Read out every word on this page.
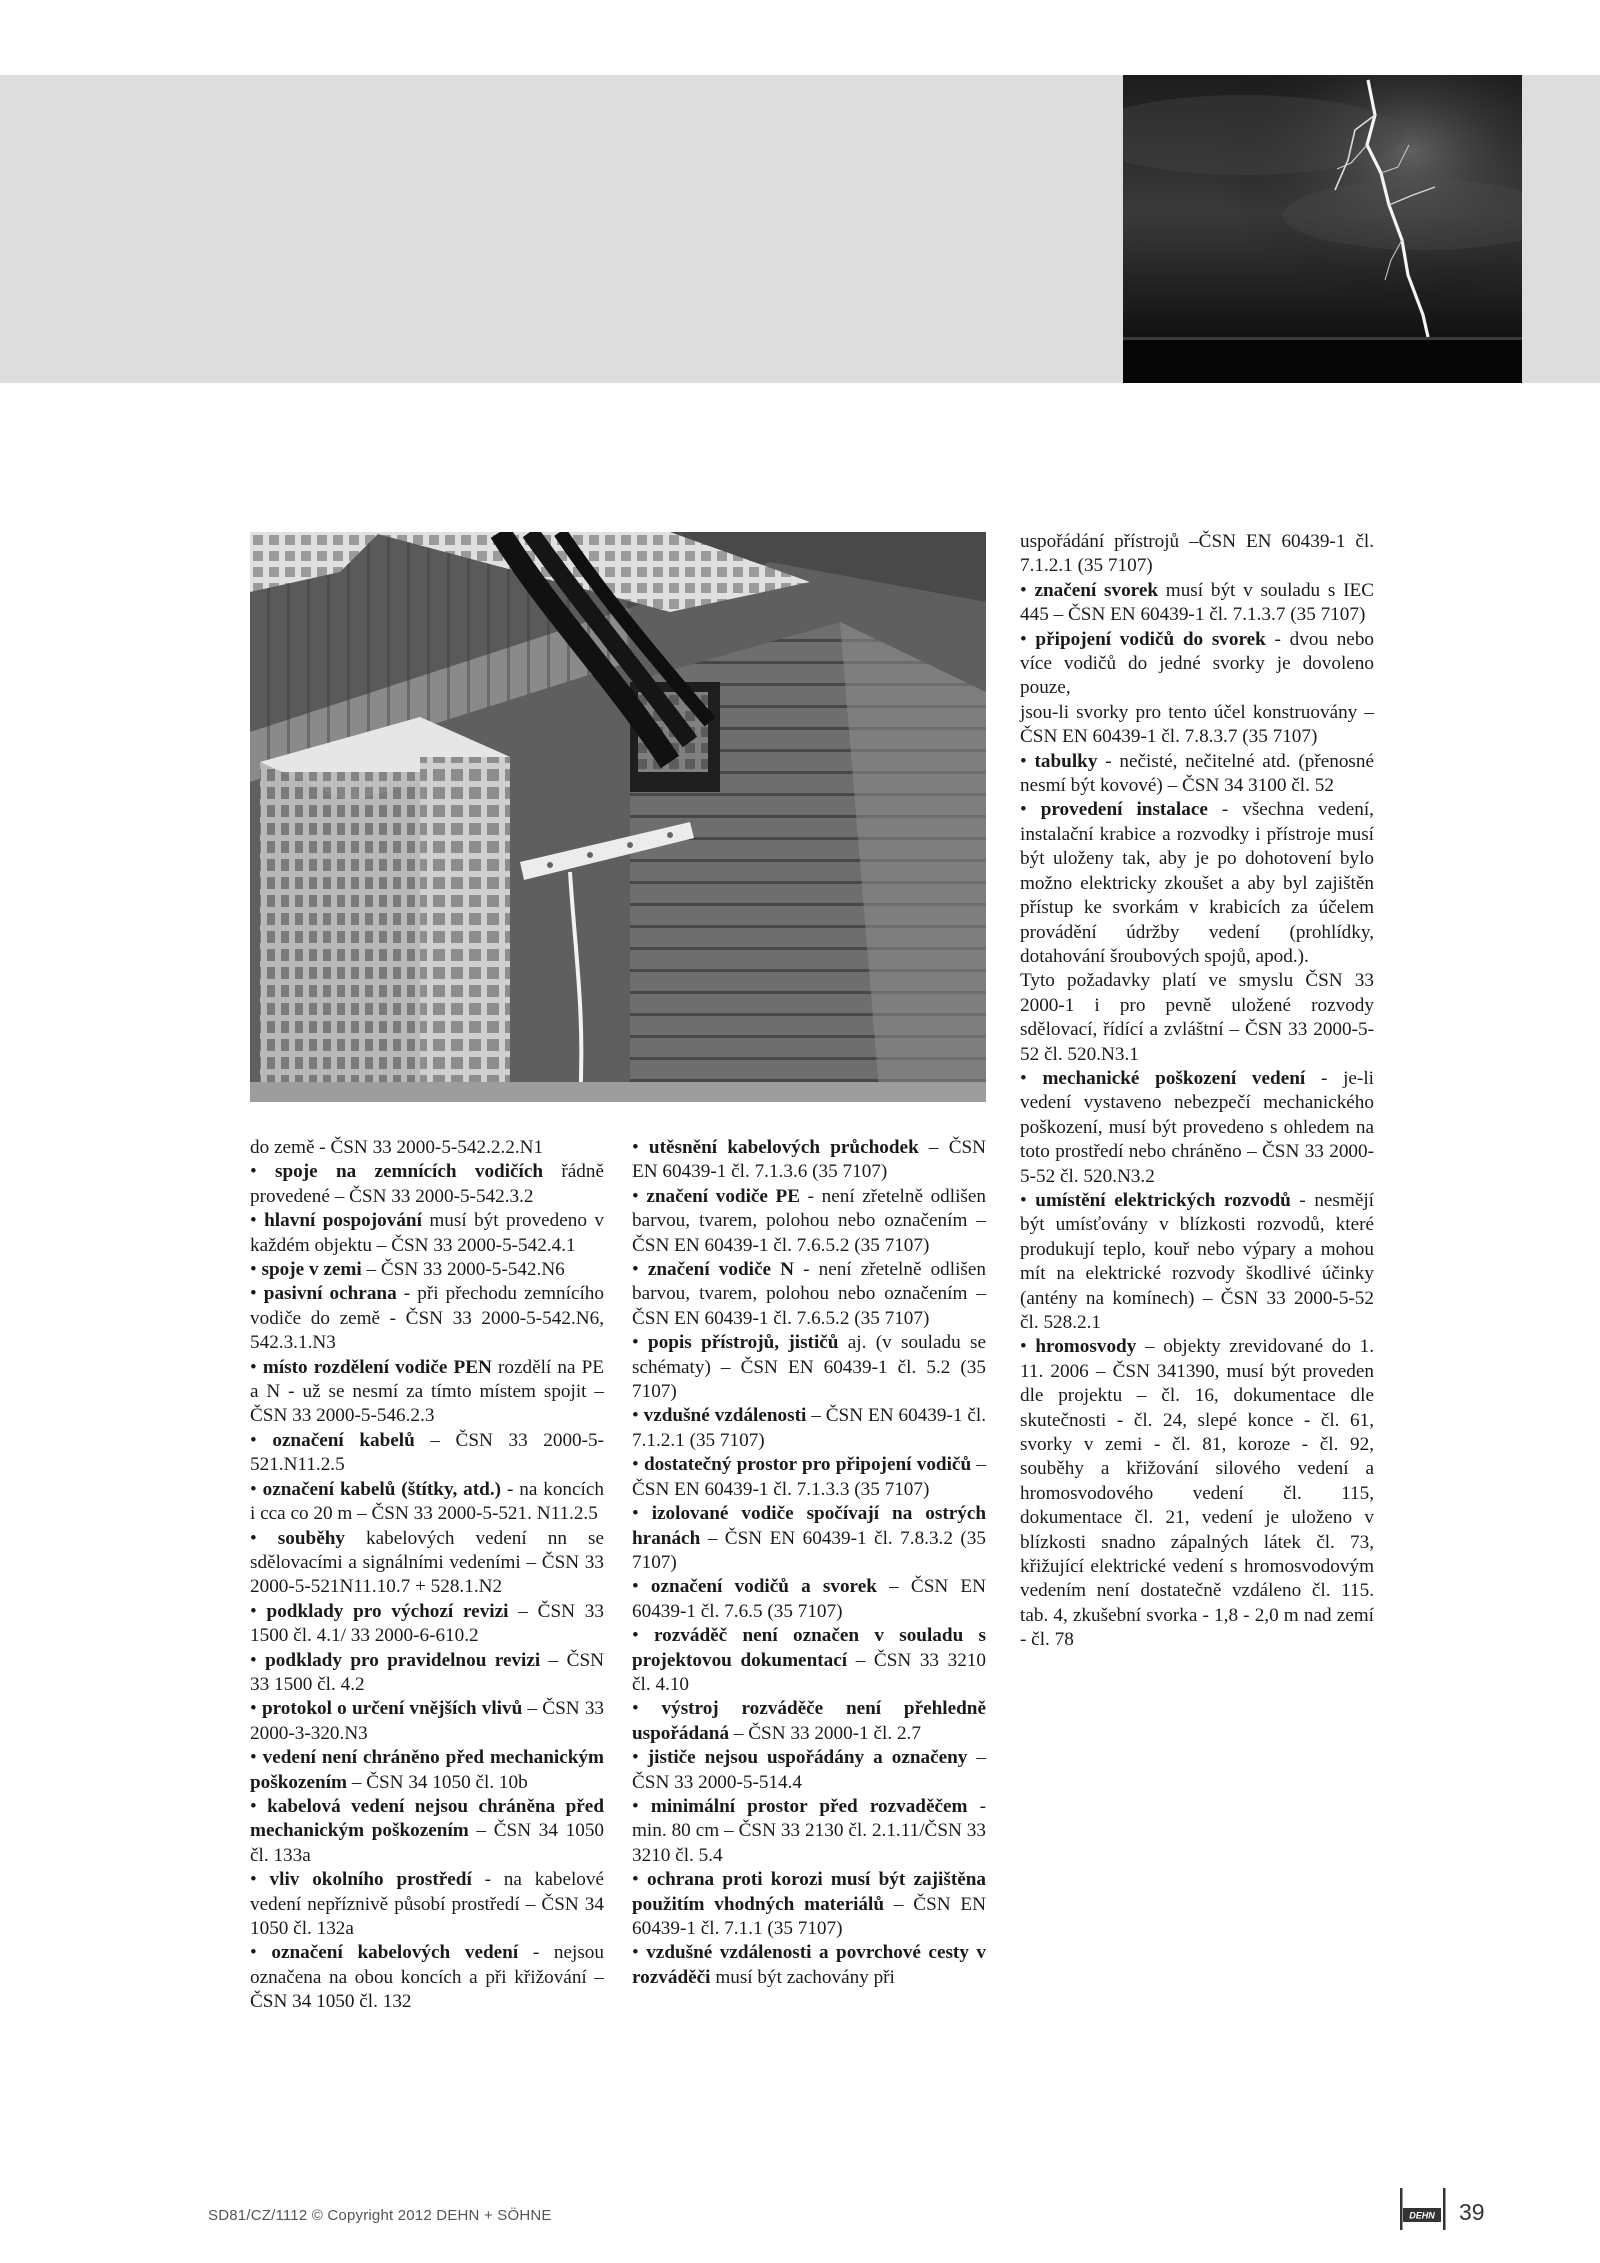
do země - ČSN 33 2000-5-542.2.2.N1

• spoje na zemnících vodičích řádně provedené – ČSN 33 2000-5-542.3.2

• hlavní pospojování musí být provedeno v každém objektu – ČSN 33 2000-5-542.4.1

• spoje v zemi – ČSN 33 2000-5-542.N6

• pasivní ochrana - při přechodu zemnícího vodiče do země - ČSN 33 2000-5-542.N6, 542.3.1.N3

• místo rozdělení vodiče PEN rozdělí na PE a N - už se nesmí za tímto místem spojit – ČSN 33 2000-5-546.2.3

• označení kabelů – ČSN 33 2000-5-521.N11.2.5

• označení kabelů (štítky, atd.) - na koncích i cca co 20 m – ČSN 33 2000-5-521. N11.2.5

• souběhy kabelových vedení nn se sdělovacími a signálními vedeními – ČSN 33 2000-5-521N11.10.7 + 528.1.N2

• podklady pro výchozí revizi – ČSN 33 1500 čl. 4.1/ 33 2000-6-610.2

• podklady pro pravidelnou revizi – ČSN 33 1500 čl. 4.2

• protokol o určení vnějších vlivů – ČSN 33 2000-3-320.N3

• vedení není chráněno před mechanickým poškozením – ČSN 34 1050 čl. 10b

• kabelová vedení nejsou chráněna před mechanickým poškozením – ČSN 34 1050 čl. 133a

• vliv okolního prostředí - na kabelové vedení nepříznivě působí prostředí – ČSN 34 1050 čl. 132a

• označení kabelových vedení - nejsou označena na obou koncích a při křižování – ČSN 34 1050 čl. 132

• utěsnění kabelových průchodek – ČSN EN 60439-1 čl. 7.1.3.6 (35 7107)

• značení vodiče PE - není zřetelně odlišen barvou, tvarem, polohou nebo označením – ČSN EN 60439-1 čl. 7.6.5.2 (35 7107)

• značení vodiče N - není zřetelně odlišen barvou, tvarem, polohou nebo označením – ČSN EN 60439-1 čl. 7.6.5.2 (35 7107)

• popis přístrojů, jističů aj. (v souladu se schématy) – ČSN EN 60439-1 čl. 5.2 (35 7107)

• vzdušné vzdálenosti – ČSN EN 60439-1 čl. 7.1.2.1 (35 7107)

• dostatečný prostor pro připojení vodičů – ČSN EN 60439-1 čl. 7.1.3.3 (35 7107)

• izolované vodiče spočívají na ostrých hranách – ČSN EN 60439-1 čl. 7.8.3.2 (35 7107)

• označení vodičů a svorek – ČSN EN 60439-1 čl. 7.6.5 (35 7107)

• rozváděč není označen v souladu s projektovou dokumentací – ČSN 33 3210 čl. 4.10

• výstroj rozváděče není přehledně uspořádaná – ČSN 33 2000-1 čl. 2.7

• jističe nejsou uspořádány a označeny – ČSN 33 2000-5-514.4

• minimální prostor před rozvaděčem - min. 80 cm – ČSN 33 2130 čl. 2.1.11/ČSN 33 3210 čl. 5.4

• ochrana proti korozi musí být zajištěna použitím vhodných materiálů – ČSN EN 60439-1 čl. 7.1.1 (35 7107)

• vzdušné vzdálenosti a povrchové cesty v rozváděči musí být zachovány při

uspořádání přístrojů –ČSN EN 60439-1 čl. 7.1.2.1 (35 7107)

• značení svorek musí být v souladu s IEC 445 – ČSN EN 60439-1 čl. 7.1.3.7 (35 7107)

• připojení vodičů do svorek - dvou nebo více vodičů do jedné svorky je dovoleno pouze,

jsou-li svorky pro tento účel konstruovány – ČSN EN 60439-1 čl. 7.8.3.7 (35 7107)

• tabulky - nečisté, nečitelné atd. (přenosné nesmí být kovové) – ČSN 34 3100 čl. 52

• provedení instalace - všechna vedení, instalační krabice a rozvodky i přístroje musí být uloženy tak, aby je po dohotovení bylo možno elektricky zkoušet a aby byl zajištěn přístup ke svorkám v krabicích za účelem provádění údržby vedení (prohlídky, dotahování šroubových spojů, apod.).

Tyto požadavky platí ve smyslu ČSN 33 2000-1 i pro pevně uložené rozvody sdělovací, řídící a zvláštní – ČSN 33 2000-5-52 čl. 520.N3.1

• mechanické poškození vedení - je-li vedení vystaveno nebezpečí mechanického poškození, musí být provedeno s ohledem na toto prostředí nebo chráněno – ČSN 33 2000-5-52 čl. 520.N3.2

• umístění elektrických rozvodů - nesmějí být umísťovány v blízkosti rozvodů, které produkují teplo, kouř nebo výpary a mohou mít na elektrické rozvody škodlivé účinky (antény na komínech) – ČSN 33 2000-5-52 čl. 528.2.1

• hromosvody – objekty zrevidované do 1. 11. 2006 – ČSN 341390, musí být proveden dle projektu – čl. 16, dokumentace dle skutečnosti - čl. 24, slepé konce - čl. 61, svorky v zemi - čl. 81, koroze - čl. 92, souběhy a křižování silového vedení a hromosvodového vedení čl. 115, dokumentace čl. 21, vedení je uloženo v blízkosti snadno zápalných látek čl. 73, křižující elektrické vedení s hromosvodovým vedením není dostatečně vzdáleno čl. 115. tab. 4, zkušební svorka - 1,8 - 2,0 m nad zemí - čl. 78

SD81/CZ/1112 © Copyright 2012 DEHN + SÖHNE	DEHN 39
